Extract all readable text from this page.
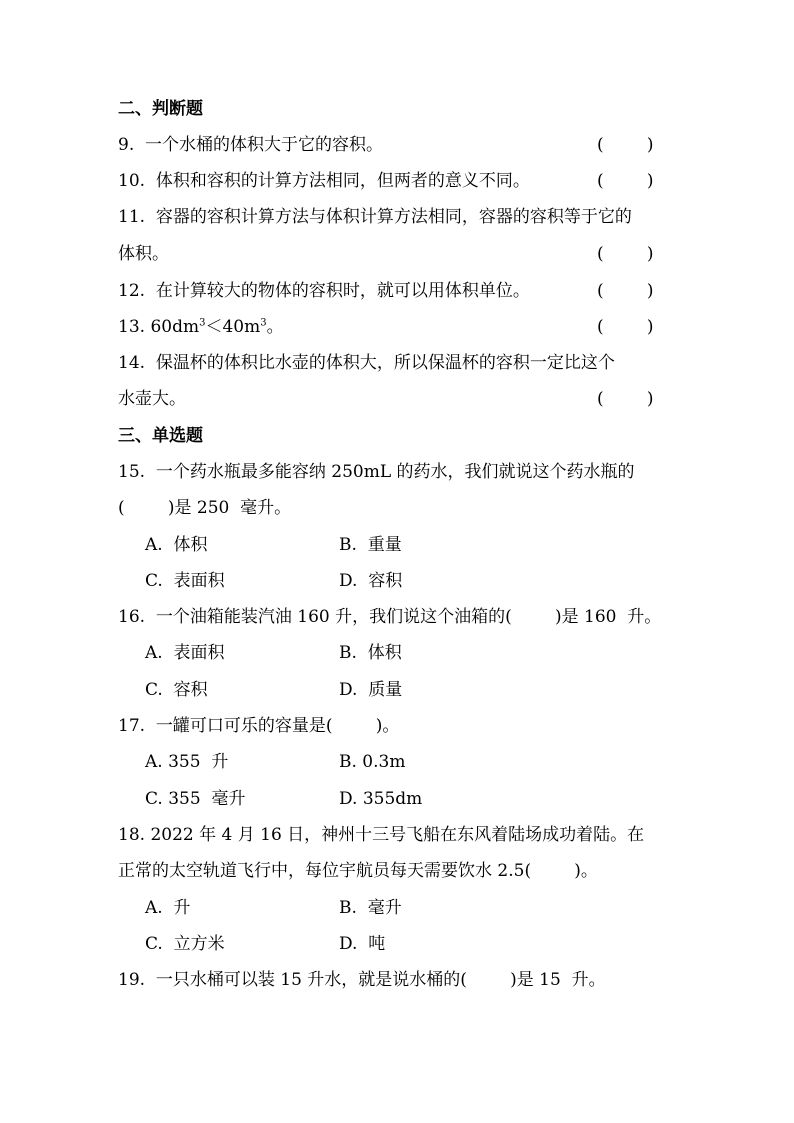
二、判断题
9.  一个水桶的体积大于它的容积。	(        )
10.  体积和容积的计算方法相同，但两者的意义不同。	(        )
11.  容器的容积计算方法与体积计算方法相同，容器的容积等于它的
体积。	(        )
12.  在计算较大的物体的容积时，就可以用体积单位。	(        )
13. $60dm^3<40m^3$。	(        )
14.  保温杯的体积比水壶的体积大，所以保温杯的容积一定比这个
水壶大。	(        )
三、单选题
15.  一个药水瓶最多能容纳 250mL 的药水，我们就说这个药水瓶的
(        )是 250  毫升。
A.  体积	B.  重量
C.  表面积	D.  容积
16.  一个油箱能装汽油 160 升，我们说这个油箱的(        )是 160  升。
A.  表面积	B.  体积
C.  容积	D.  质量
17.  一罐可口可乐的容量是(        )。
A. 355  升	B. 0.3m
C. 355  毫升	D. 355dm
18. 2022 年 4 月 16 日，神州十三号飞船在东风着陆场成功着陆。在
正常的太空轨道飞行中，每位宇航员每天需要饮水 2.5(        )。
A.  升	B.  毫升
C.  立方米	D.  吨
19.  一只水桶可以装 15 升水，就是说水桶的(        )是 15  升。
